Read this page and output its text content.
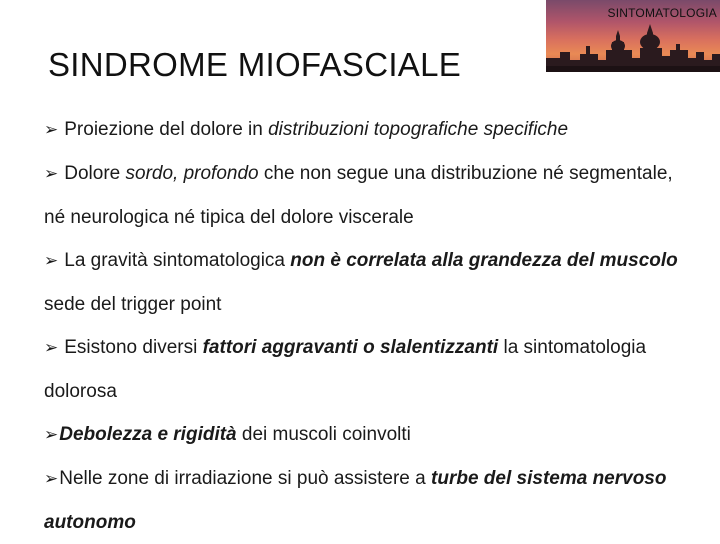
SINTOMATOLOGIA
SINDROME MIOFASCIALE

➢ Proiezione del dolore in distribuzioni topografiche specifiche

➢ Dolore sordo, profondo che non segue una distribuzione né segmentale, né neurologica né tipica del dolore viscerale

➢ La gravità sintomatologica non è correlata alla grandezza del muscolo sede del trigger point

➢ Esistono diversi fattori aggravanti o slalentizzanti la sintomatologia dolorosa

➢Debolezza e rigidità dei muscoli coinvolti

➢Nelle zone di irradiazione si può assistere a turbe del sistema nervoso autonomo
